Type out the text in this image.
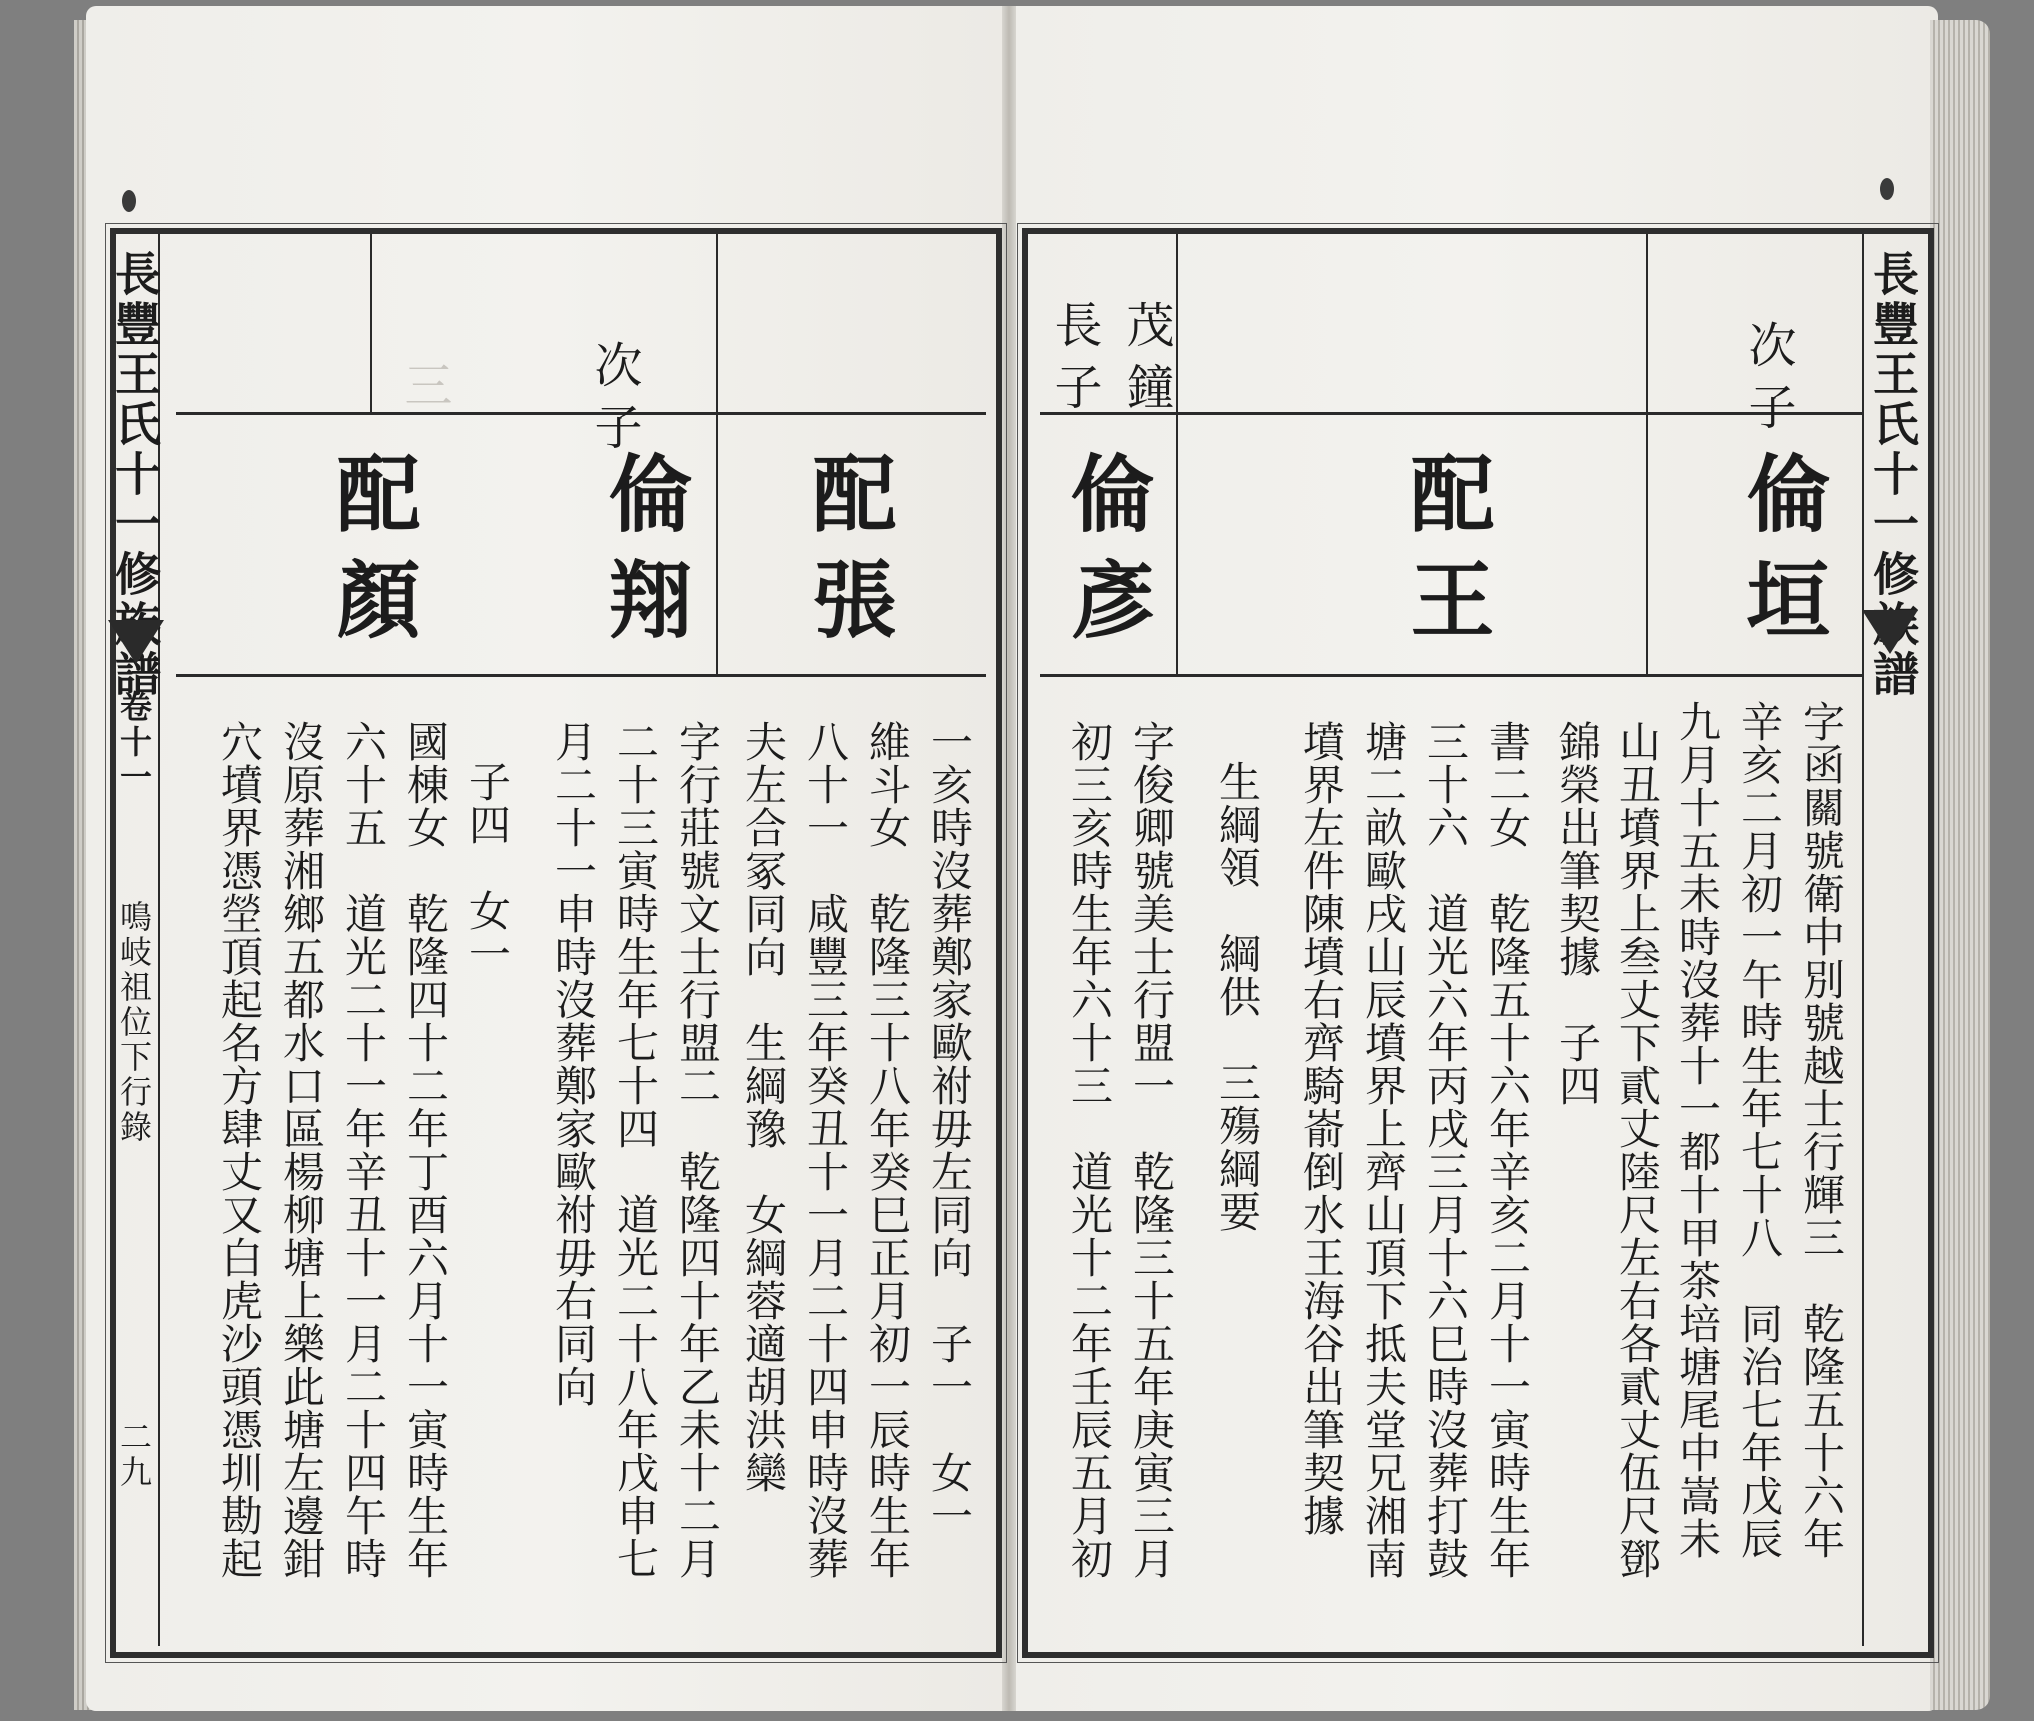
長豐王氏十一修族譜
卷十一
鳴岐祖位下行錄
二九
次子
三
配張
倫翔
配顏
一亥時沒葬鄭家歐祔毋左同向　子一　女一
維斗女　乾隆三十八年癸巳正月初一辰時生年
八十一　咸豐三年癸丑十一月二十四申時沒葬
夫左合冢同向　生綱豫　女綱蓉適胡洪欒
字行莊號文士行盟二　乾隆四十年乙未十二月
二十三寅時生年七十四　道光二十八年戊申七
月二十一申時沒葬鄭家歐祔毋右同向
子四　女一
國棟女　乾隆四十二年丁酉六月十一寅時生年
六十五　道光二十一年辛丑十一月二十四午時
沒原葬湘鄉五都水口區楊柳塘上樂此塘左邊鉗
穴墳界憑塋頂起名方肆丈又白虎沙頭憑圳勘起
長豐王氏十一修族譜
次子
茂鐘
長子
倫垣
配王
倫彥
字函關號衛中別號越士行輝三　乾隆五十六年
辛亥二月初一午時生年七十八　同治七年戊辰
九月十五未時沒葬十一都十甲茶培塘尾中嵩未
山丑墳界上叁丈下貳丈陸尺左右各貳丈伍尺鄧
錦榮出筆契據　子四
書二女　乾隆五十六年辛亥二月十一寅時生年
三十六　道光六年丙戌三月十六巳時沒葬打鼓
塘二畝歐戌山辰墳界上齊山頂下抵夫堂兄湘南
墳界左件陳墳右齊騎嵛倒水王海谷出筆契據
生綱領　綱供　三殤綱要
字俊卿號美士行盟一　乾隆三十五年庚寅三月
初三亥時生年六十三　道光十二年壬辰五月初
